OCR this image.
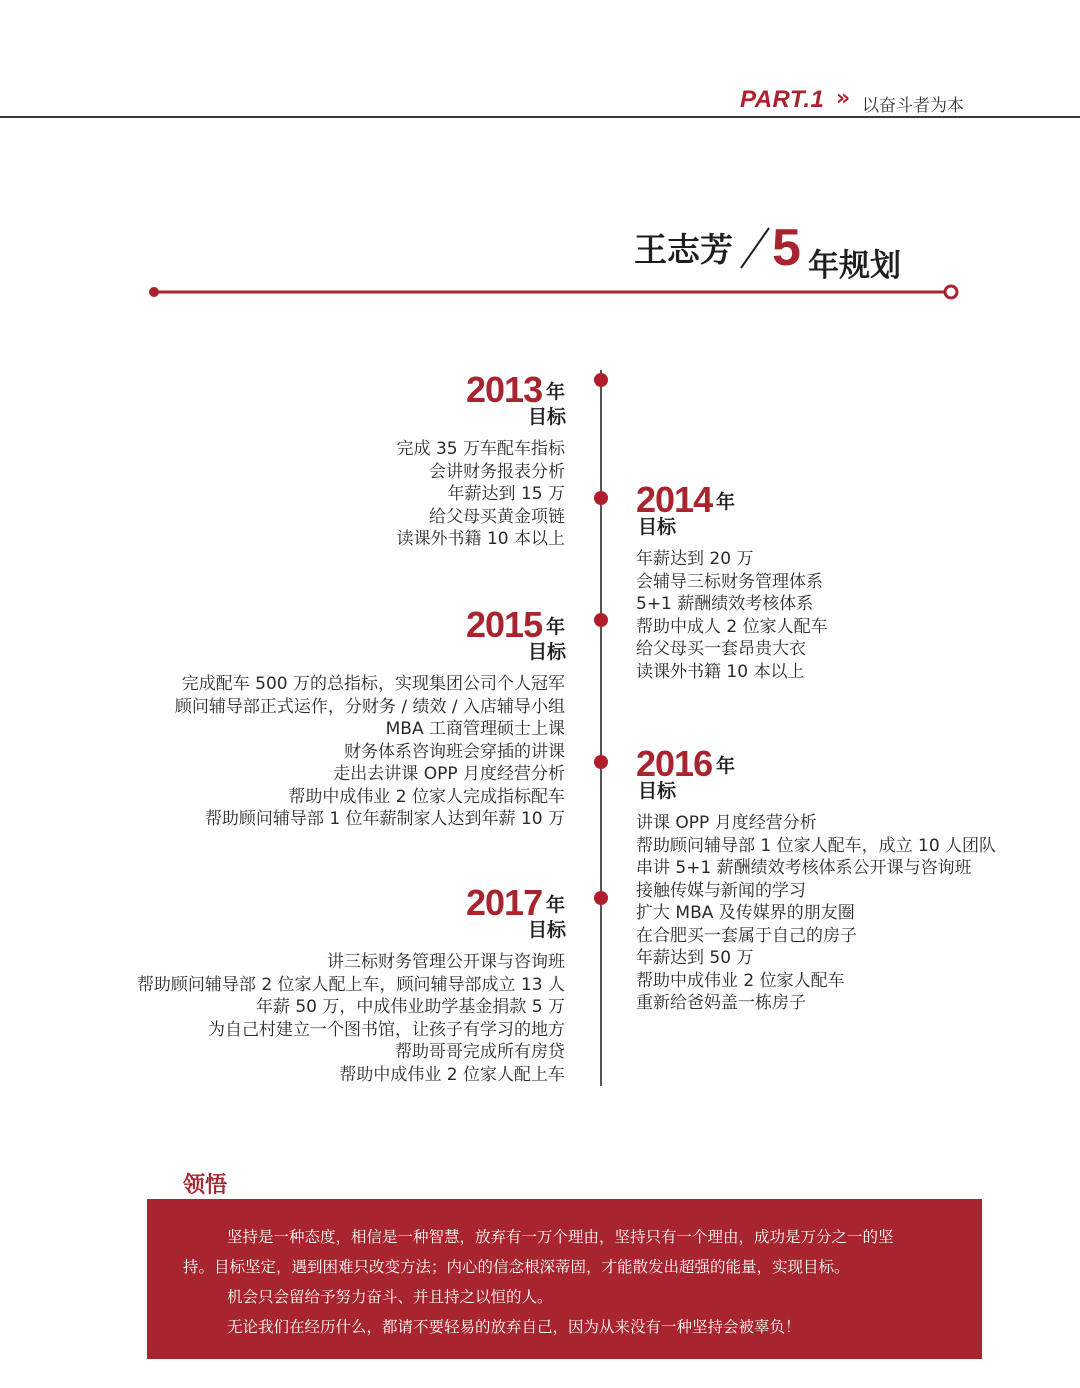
PART.1 » 以奋斗者为本
王志芳 5 年规划
2013 年
目标
完成 35 万车配车指标
会讲财务报表分析
年薪达到 15 万
给父母买黄金项链
读课外书籍 10 本以上
2014 年
目标
年薪达到 20 万
会辅导三标财务管理体系
5+1 薪酬绩效考核体系
帮助中成人 2 位家人配车
给父母买一套昂贵大衣
读课外书籍 10 本以上
2015 年
目标
完成配车 500 万的总指标，实现集团公司个人冠军
顾问辅导部正式运作，分财务 / 绩效 / 入店辅导小组
MBA 工商管理硕士上课
财务体系咨询班会穿插的讲课
走出去讲课 OPP 月度经营分析
帮助中成伟业 2 位家人完成指标配车
帮助顾问辅导部 1 位年薪制家人达到年薪 10 万
2016 年
目标
讲课 OPP 月度经营分析
帮助顾问辅导部 1 位家人配车，成立 10 人团队
串讲 5+1 薪酬绩效考核体系公开课与咨询班
接触传媒与新闻的学习
扩大 MBA 及传媒界的朋友圈
在合肥买一套属于自己的房子
年薪达到 50 万
帮助中成伟业 2 位家人配车
重新给爸妈盖一栋房子
2017 年
目标
讲三标财务管理公开课与咨询班
帮助顾问辅导部 2 位家人配上车，顾问辅导部成立 13 人
年薪 50 万，中成伟业助学基金捐款 5 万
为自己村建立一个图书馆，让孩子有学习的地方
帮助哥哥完成所有房贷
帮助中成伟业 2 位家人配上车
领悟
坚持是一种态度，相信是一种智慧，放弃有一万个理由，坚持只有一个理由，成功是万分之一的坚
持。目标坚定，遇到困难只改变方法；内心的信念根深蒂固，才能散发出超强的能量，实现目标。
机会只会留给予努力奋斗、并且持之以恒的人。
无论我们在经历什么，都请不要轻易的放弃自己，因为从来没有一种坚持会被辜负！
